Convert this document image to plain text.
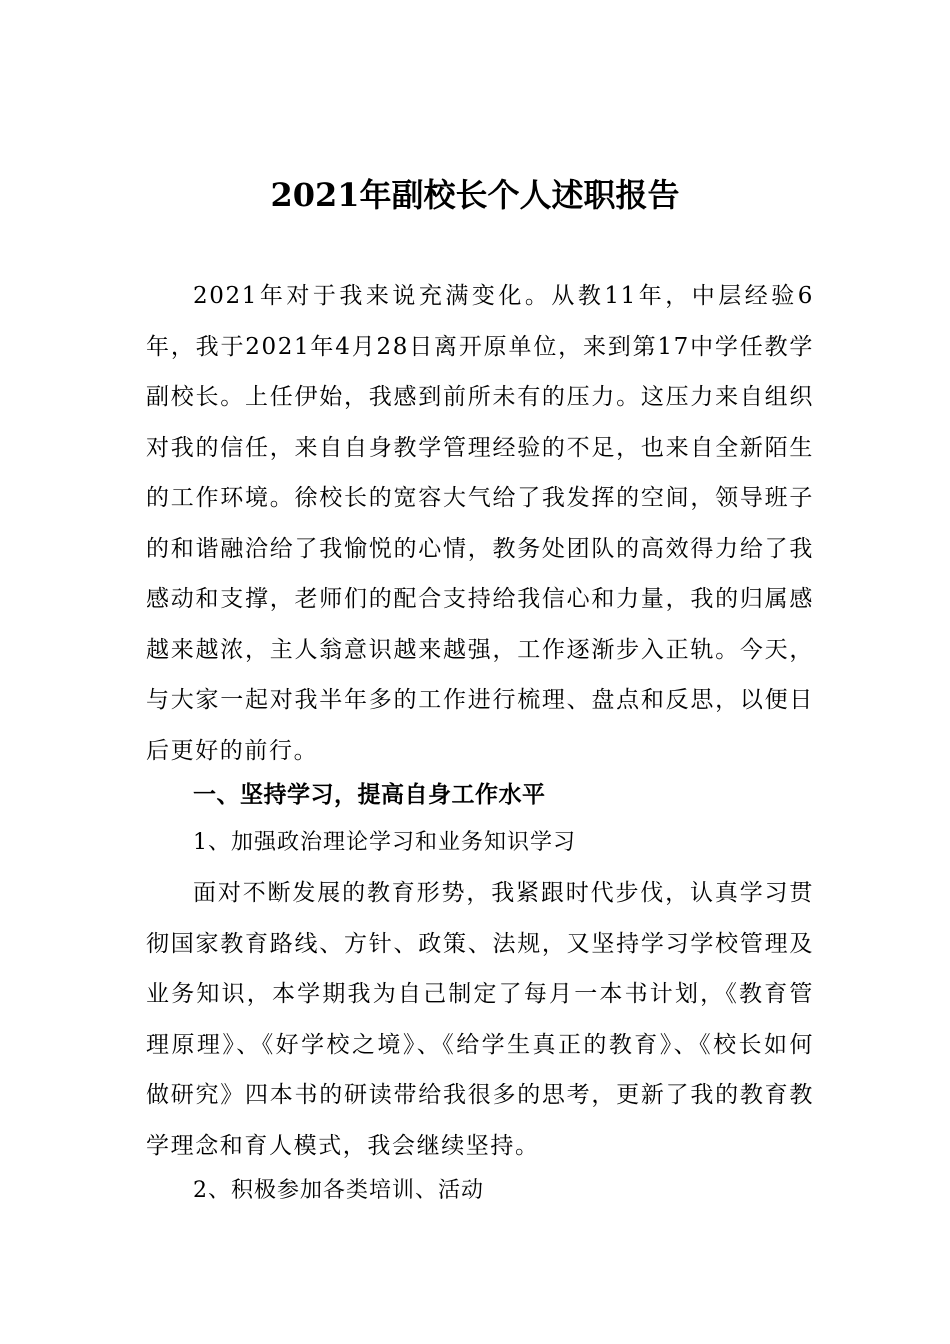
2021年副校长个人述职报告

2021年对于我来说充满变化。从教11年，中层经验6年，我于2021年4月28日离开原单位，来到第17中学任教学副校长。上任伊始，我感到前所未有的压力。这压力来自组织对我的信任，来自自身教学管理经验的不足，也来自全新陌生的工作环境。徐校长的宽容大气给了我发挥的空间，领导班子的和谐融洽给了我愉悦的心情，教务处团队的高效得力给了我感动和支撑，老师们的配合支持给我信心和力量，我的归属感越来越浓，主人翁意识越来越强，工作逐渐步入正轨。今天，与大家一起对我半年多的工作进行梳理、盘点和反思，以便日后更好的前行。

一、坚持学习，提高自身工作水平
1、加强政治理论学习和业务知识学习

面对不断发展的教育形势，我紧跟时代步伐，认真学习贯彻国家教育路线、方针、政策、法规，又坚持学习学校管理及业务知识，本学期我为自己制定了每月一本书计划，《教育管理原理》、《好学校之境》、《给学生真正的教育》、《校长如何做研究》四本书的研读带给我很多的思考，更新了我的教育教学理念和育人模式，我会继续坚持。

2、积极参加各类培训、活动
